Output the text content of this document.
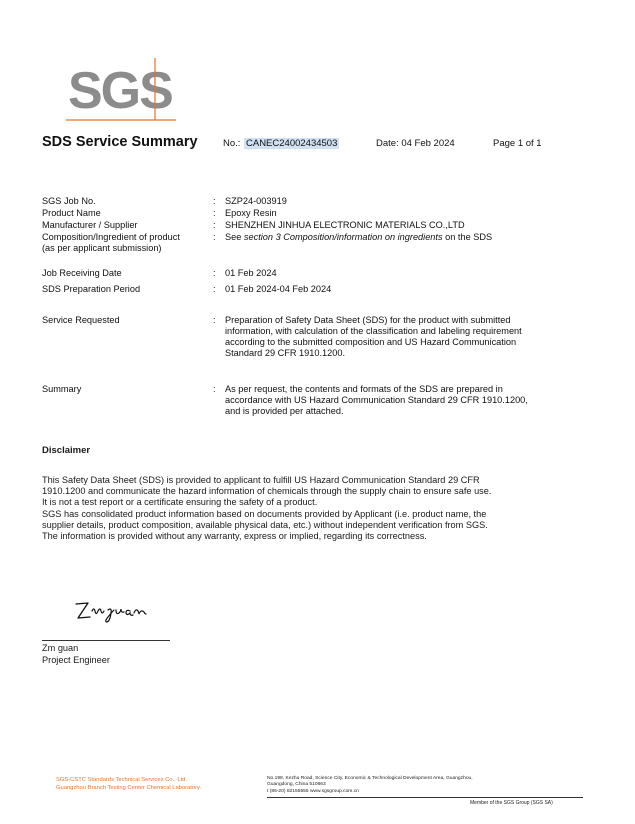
SGS
SDS Service Summary	No.: CANEC24002434503	Date: 04 Feb 2024	Page 1 of 1
SGS Job No.	: SZP24-003919
Product Name	: Epoxy Resin
Manufacturer / Supplier	: SHENZHEN JINHUA ELECTRONIC MATERIALS CO.,LTD
Composition/Ingredient of product
(as per applicant submission)
: See section 3 Composition/information on ingredients on the SDS
Job Receiving Date	: 01 Feb 2024
SDS Preparation Period	: 01 Feb 2024-04 Feb 2024
Service Requested	: Preparation of Safety Data Sheet (SDS) for the product with submitted
information, with calculation of the classification and labeling requirement
according to the submitted composition and US Hazard Communication
Standard 29 CFR 1910.1200.
Summary	: As per request, the contents and formats of the SDS are prepared in
accordance with US Hazard Communication Standard 29 CFR 1910.1200,
and is provided per attached.
Disclaimer
This Safety Data Sheet (SDS) is provided to applicant to fulfill US Hazard Communication Standard 29 CFR
1910.1200 and communicate the hazard information of chemicals through the supply chain to ensure safe use.
It is not a test report or a certificate ensuring the safety of a product.
SGS has consolidated product information based on documents provided by Applicant (i.e. product name, the
supplier details, product composition, available physical data, etc.) without independent verification from SGS.
The information is provided without any warranty, express or implied, regarding its correctness.
Zm guan
Project Engineer
SGS-CSTC Standards Technical Services Co., Ltd.
Guangzhou Branch Testing Center Chemical Laboratory.
No.198, Kezhu Road, Science City, Economic & Technological Development Area, Guangzhou,
Guangdong, China 510663
t (86-20) 82155555 www.sgsgroup.com.cn
Member of the SGS Group (SGS SA)
